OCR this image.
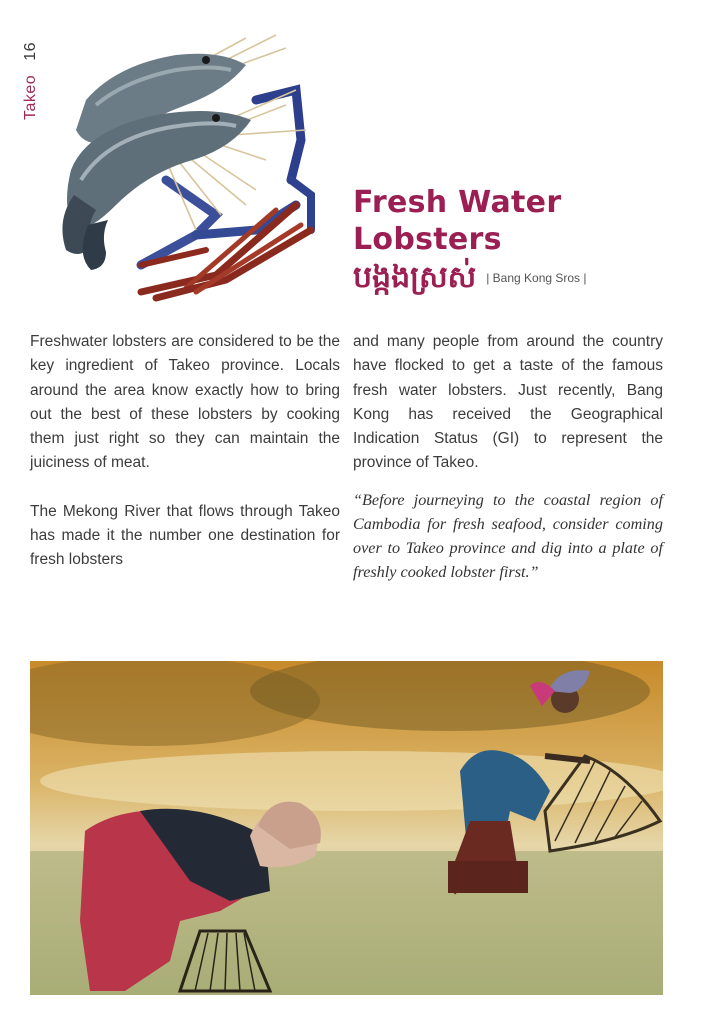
Takeo16
Fresh Water
Lobsters
បង្កងស្រស់ | Bang Kong Sros |

Freshwater lobsters are considered to be the key ingredient of Takeo province. Locals around the area know exactly how to bring out the best of these lobsters by cooking them just right so they can maintain the juiciness of meat.

The Mekong River that flows through Takeo has made it the number one destination for fresh lobsters

and many people from around the country have flocked to get a taste of the famous fresh water lobsters. Just recently, Bang Kong has received the Geographical Indication Status (GI) to represent the province of Takeo.

“Before journeying to the coastal region of Cambodia for fresh seafood, consider coming over to Takeo province and dig into a plate of freshly cooked lobster first.”
